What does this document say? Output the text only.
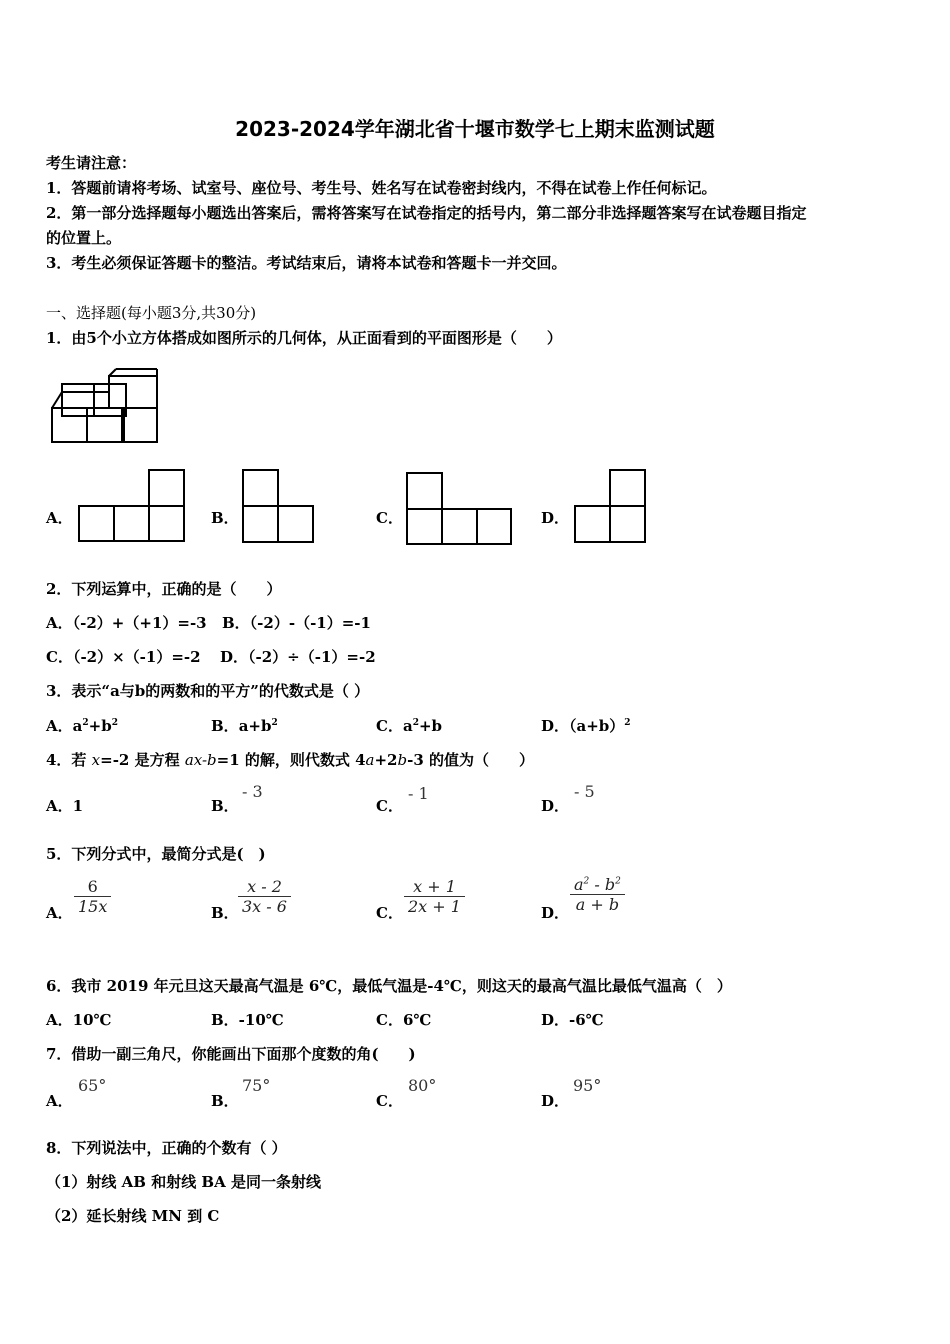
2023-2024学年湖北省十堰市数学七上期末监测试题
考生请注意：
1．答题前请将考场、试室号、座位号、考生号、姓名写在试卷密封线内，不得在试卷上作任何标记。
2．第一部分选择题每小题选出答案后，需将答案写在试卷指定的括号内，第二部分非选择题答案写在试卷题目指定
的位置上。
3．考生必须保证答题卡的整洁。考试结束后，请将本试卷和答题卡一并交回。
一、选择题(每小题3分,共30分)
1．由5个小立方体搭成如图所示的几何体，从正面看到的平面图形是（　　）
A．	B．	C．	D．
2．下列运算中，正确的是（　　）
A．（-2）+（+1）=-3 B．（-2）-（-1）=-1
C．（-2）×（-1）=-2 D．（-2）÷（-1）=-2
3．表示“a与b的两数和的平方”的代数式是（ ）
A．$a^2+b^2$	B．$a+b^2$	C．$a^2+b$	D．$(a+b)^2$
4．若 x=-2 是方程 ax-b=1 的解，则代数式 4a+2b-3 的值为（　　）
A．1	B．
- 3
C．
- 1
D．
- 5
5．下列分式中，最简分式是(　)
A． $\frac{6}{15x}$	B． $\frac{x - 2}{3x - 6}$	C． $\frac{x + 1}{2x + 1}$	D． $\frac{a^2 - b^2}{a + b}$
6．我市 2019 年元旦这天最高气温是 6℃，最低气温是-4℃，则这天的最高气温比最低气温高（　）
A．10℃	B．-10℃	C．6℃	D．-6℃
7．借助一副三角尺，你能画出下面那个度数的角(　　)
A．
65°
B．
75°
C．
80°
D．
95°
8．下列说法中，正确的个数有（ ）
（1）射线 AB 和射线 BA 是同一条射线
（2）延长射线 MN 到 C
